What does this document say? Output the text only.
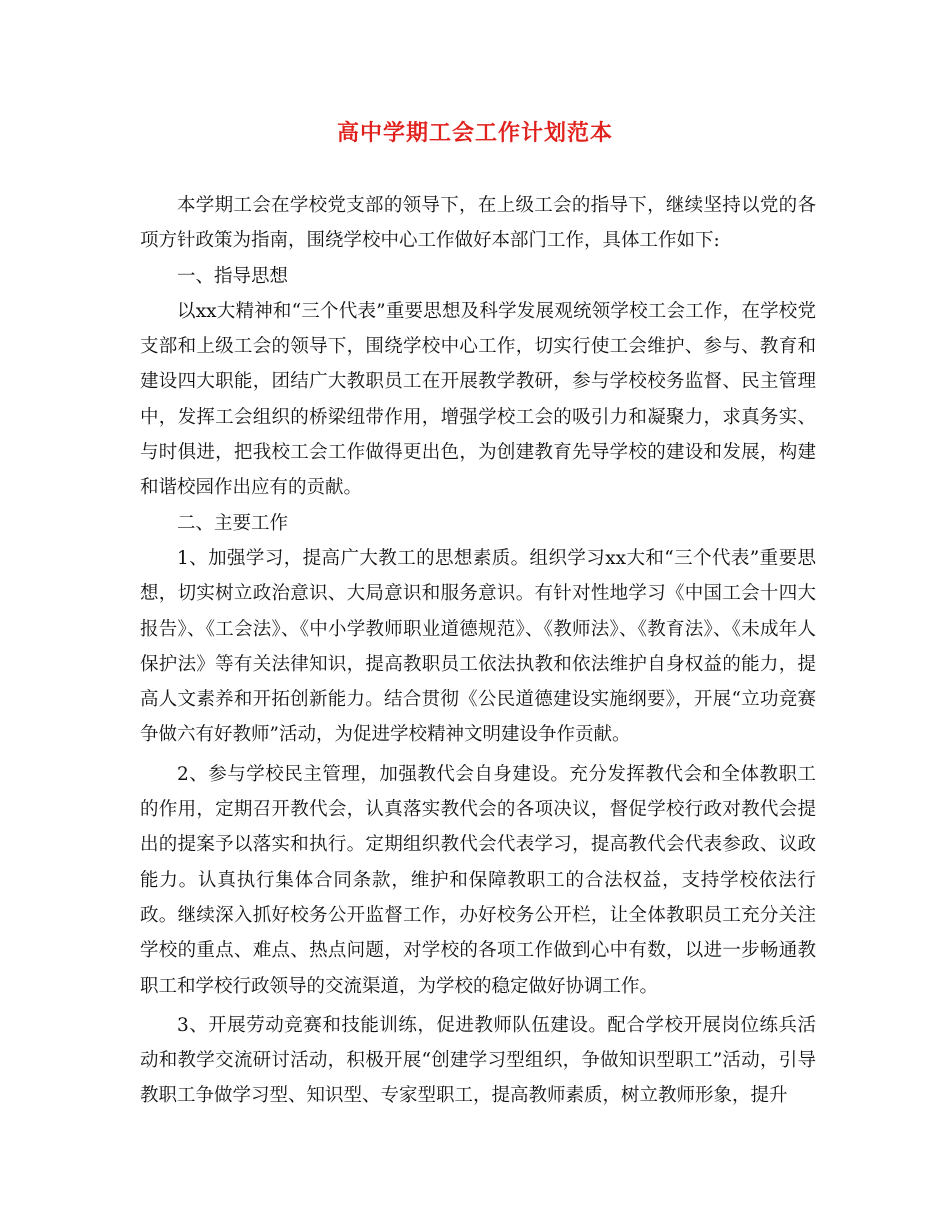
高中学期工会工作计划范本

本学期工会在学校党支部的领导下，在上级工会的指导下，继续坚持以党的各项方针政策为指南，围绕学校中心工作做好本部门工作，具体工作如下:

一、指导思想

以xx大精神和“三个代表”重要思想及科学发展观统领学校工会工作，在学校党支部和上级工会的领导下，围绕学校中心工作，切实行使工会维护、参与、教育和建设四大职能，团结广大教职员工在开展教学教研，参与学校校务监督、民主管理中，发挥工会组织的桥梁纽带作用，增强学校工会的吸引力和凝聚力，求真务实、与时俱进，把我校工会工作做得更出色，为创建教育先导学校的建设和发展，构建和谐校园作出应有的贡献。

二、主要工作

1、加强学习，提高广大教工的思想素质。组织学习xx大和“三个代表”重要思想，切实树立政治意识、大局意识和服务意识。有针对性地学习《中国工会十四大报告》、《工会法》、《中小学教师职业道德规范》、《教师法》、《教育法》、《未成年人保护法》等有关法律知识，提高教职员工依法执教和依法维护自身权益的能力，提高人文素养和开拓创新能力。结合贯彻《公民道德建设实施纲要》，开展“立功竞赛争做六有好教师”活动，为促进学校精神文明建设争作贡献。

2、参与学校民主管理，加强教代会自身建设。充分发挥教代会和全体教职工的作用，定期召开教代会，认真落实教代会的各项决议，督促学校行政对教代会提出的提案予以落实和执行。定期组织教代会代表学习，提高教代会代表参政、议政能力。认真执行集体合同条款，维护和保障教职工的合法权益，支持学校依法行政。继续深入抓好校务公开监督工作，办好校务公开栏，让全体教职员工充分关注学校的重点、难点、热点问题，对学校的各项工作做到心中有数，以进一步畅通教职工和学校行政领导的交流渠道，为学校的稳定做好协调工作。

3、开展劳动竞赛和技能训练，促进教师队伍建设。配合学校开展岗位练兵活动和教学交流研讨活动，积极开展“创建学习型组织，争做知识型职工”活动，引导教职工争做学习型、知识型、专家型职工，提高教师素质，树立教师形象，提升
